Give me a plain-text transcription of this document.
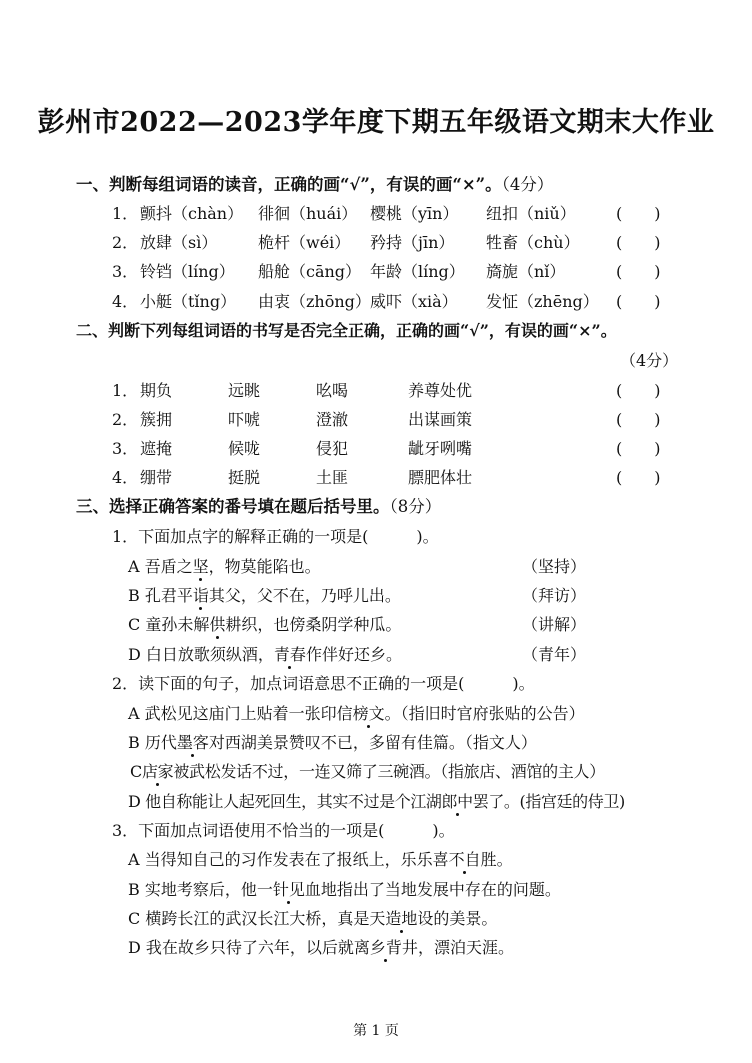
彭州市2022—2023学年度下期五年级语文期末大作业
一、判断每组词语的读音，正确的画“√”，有误的画“×”。（4分）
1． 颤抖（chàn） 徘徊（huái） 樱桃（yīn） 纽扣（niǔ）	(　　)
2． 放肆（sì）	桅杆（wéi） 矜持（jīn） 牲畜（chù） (　　)
3． 铃铛（líng） 船舱（cāng） 年龄（líng） 旖旎（nǐ）	(　　)
4． 小艇（tǐng） 由衷（zhōng） 威吓（xià） 发怔（zhēng） (　　)
二、判断下列每组词语的书写是否完全正确，正确的画“√”，有误的画“×”。
（4分）
1． 期负	远眺	吆喝	养尊处优	(　　)
2． 簇拥	吓唬	澄澈	出谋画策	(　　)
3． 遮掩	候咙	侵犯	龇牙咧嘴	(　　)
4． 绷带	挺脱	土匪	膘肥体壮	(　　)
三、选择正确答案的番号填在题后括号里。（8分）
1．下面加点字的解释正确的一项是(　　　)。
A 吾盾之坚，物莫能陷也。	（坚持）
B 孔君平诣其父，父不在，乃呼儿出。	（拜访）
C 童孙未解供耕织，也傍桑阴学种瓜。	（讲解）
D 白日放歌须纵酒，青春作伴好还乡。	（青年）
2．读下面的句子，加点词语意思不正确的一项是(　　　)。
A 武松见这庙门上贴着一张印信榜文。（指旧时官府张贴的公告）
B 历代墨客对西湖美景赞叹不已，多留有佳篇。（指文人）
C店家被武松发话不过，一连又筛了三碗酒。（指旅店、酒馆的主人）
D 他自称能让人起死回生，其实不过是个江湖郎中罢了。(指宫廷的侍卫)
3．下面加点词语使用不恰当的一项是(　　　)。
A 当得知自己的习作发表在了报纸上，乐乐喜不自胜。
B 实地考察后，他一针见血地指出了当地发展中存在的问题。
C 横跨长江的武汉长江大桥，真是天造地设的美景。
D 我在故乡只待了六年，以后就离乡背井，漂泊天涯。
第 1 页
